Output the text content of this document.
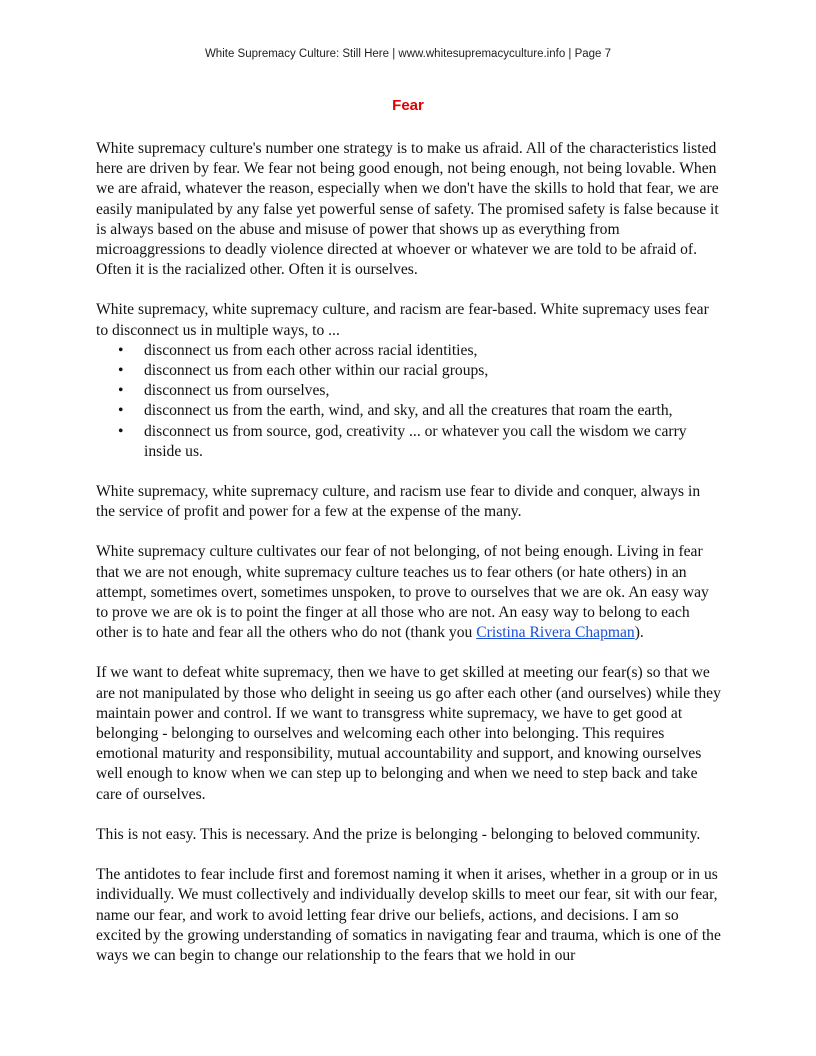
White Supremacy Culture: Still Here | www.whitesupremacyculture.info | Page 7
Fear

White supremacy culture's number one strategy is to make us afraid. All of the characteristics listed here are driven by fear. We fear not being good enough, not being enough, not being lovable. When we are afraid, whatever the reason, especially when we don't have the skills to hold that fear, we are easily manipulated by any false yet powerful sense of safety. The promised safety is false because it is always based on the abuse and misuse of power that shows up as everything from microaggressions to deadly violence directed at whoever or whatever we are told to be afraid of. Often it is the racialized other. Often it is ourselves.

White supremacy, white supremacy culture, and racism are fear-based. White supremacy uses fear to disconnect us in multiple ways, to ...

• disconnect us from each other across racial identities,
• disconnect us from each other within our racial groups,
• disconnect us from ourselves,
• disconnect us from the earth, wind, and sky, and all the creatures that roam the earth,
• disconnect us from source, god, creativity ... or whatever you call the wisdom we carry inside us.

White supremacy, white supremacy culture, and racism use fear to divide and conquer, always in the service of profit and power for a few at the expense of the many.

White supremacy culture cultivates our fear of not belonging, of not being enough. Living in fear that we are not enough, white supremacy culture teaches us to fear others (or hate others) in an attempt, sometimes overt, sometimes unspoken, to prove to ourselves that we are ok. An easy way to prove we are ok is to point the finger at all those who are not. An easy way to belong to each other is to hate and fear all the others who do not (thank you Cristina Rivera Chapman).

If we want to defeat white supremacy, then we have to get skilled at meeting our fear(s) so that we are not manipulated by those who delight in seeing us go after each other (and ourselves) while they maintain power and control. If we want to transgress white supremacy, we have to get good at belonging - belonging to ourselves and welcoming each other into belonging. This requires emotional maturity and responsibility, mutual accountability and support, and knowing ourselves well enough to know when we can step up to belonging and when we need to step back and take care of ourselves.

This is not easy. This is necessary. And the prize is belonging - belonging to beloved community.

The antidotes to fear include first and foremost naming it when it arises, whether in a group or in us individually. We must collectively and individually develop skills to meet our fear, sit with our fear, name our fear, and work to avoid letting fear drive our beliefs, actions, and decisions. I am so excited by the growing understanding of somatics in navigating fear and trauma, which is one of the ways we can begin to change our relationship to the fears that we hold in our
